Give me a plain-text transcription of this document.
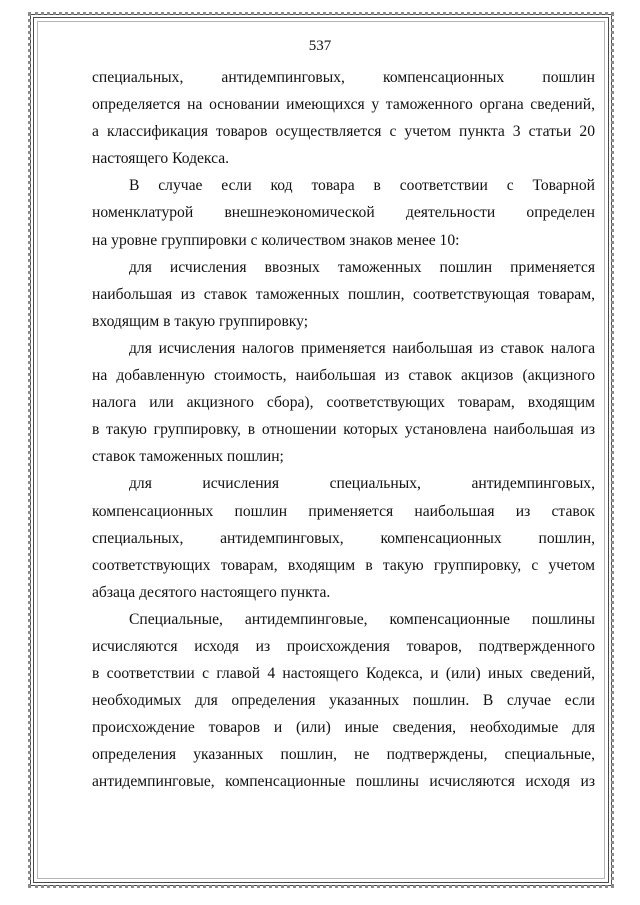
537

специальных, антидемпинговых, компенсационных пошлин
определяется на основании имеющихся у таможенного органа сведений,
а классификация товаров осуществляется с учетом пункта 3 статьи 20
настоящего Кодекса.

В случае если код товара в соответствии с Товарной
номенклатурой внешнеэкономической деятельности определен
на уровне группировки с количеством знаков менее 10:

для исчисления ввозных таможенных пошлин применяется
наибольшая из ставок таможенных пошлин, соответствующая товарам,
входящим в такую группировку;

для исчисления налогов применяется наибольшая из ставок налога
на добавленную стоимость, наибольшая из ставок акцизов (акцизного
налога или акцизного сбора), соответствующих товарам, входящим
в такую группировку, в отношении которых установлена наибольшая из
ставок таможенных пошлин;

для исчисления специальных, антидемпинговых,
компенсационных пошлин применяется наибольшая из ставок
специальных, антидемпинговых, компенсационных пошлин,
соответствующих товарам, входящим в такую группировку, с учетом
абзаца десятого настоящего пункта.

Специальные, антидемпинговые, компенсационные пошлины
исчисляются исходя из происхождения товаров, подтвержденного
в соответствии с главой 4 настоящего Кодекса, и (или) иных сведений,
необходимых для определения указанных пошлин. В случае если
происхождение товаров и (или) иные сведения, необходимые для
определения указанных пошлин, не подтверждены, специальные,
антидемпинговые, компенсационные пошлины исчисляются исходя из
